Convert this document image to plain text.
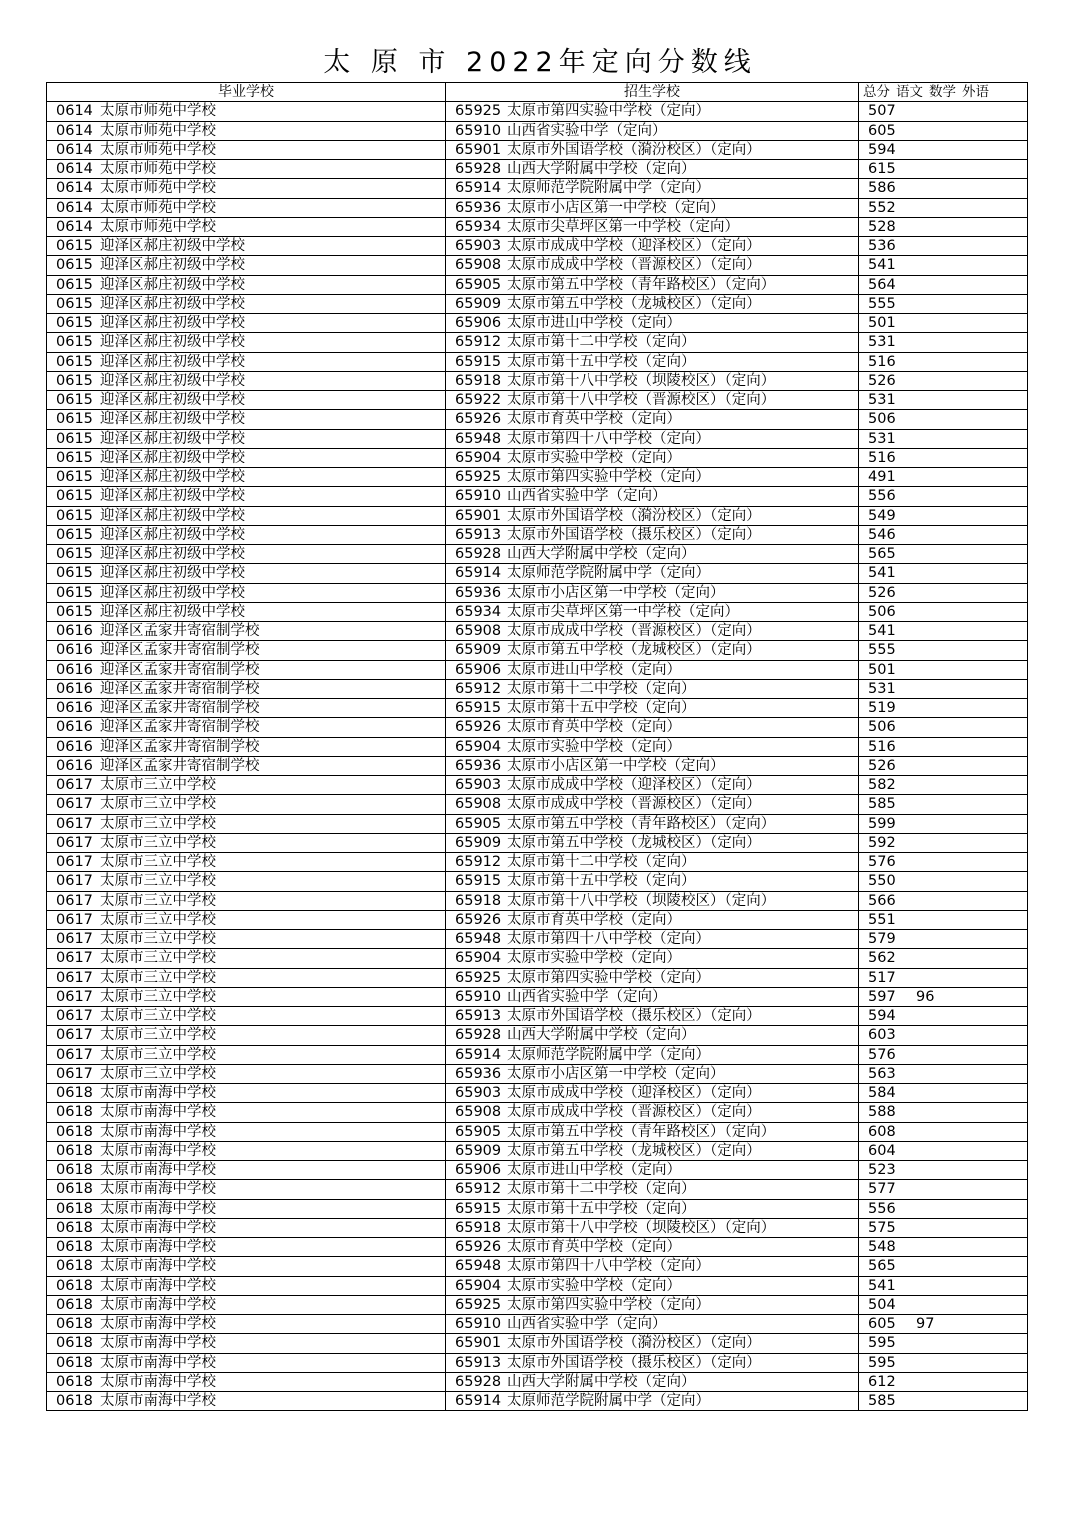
太 原 市 2022年定向分数线
毕业学校	招生学校	总分 语文 数学 外语
0614 太原市师苑中学校	65925 太原市第四实验中学校（定向）	507
0614 太原市师苑中学校	65910 山西省实验中学（定向）	605
0614 太原市师苑中学校	65901 太原市外国语学校（漪汾校区）（定向）	594
0614 太原市师苑中学校	65928 山西大学附属中学校（定向）	615
0614 太原市师苑中学校	65914 太原师范学院附属中学（定向）	586
0614 太原市师苑中学校	65936 太原市小店区第一中学校（定向）	552
0614 太原市师苑中学校	65934 太原市尖草坪区第一中学校（定向）	528
0615 迎泽区郝庄初级中学校	65903 太原市成成中学校（迎泽校区）（定向）	536
0615 迎泽区郝庄初级中学校	65908 太原市成成中学校（晋源校区）（定向）	541
0615 迎泽区郝庄初级中学校	65905 太原市第五中学校（青年路校区）（定向）	564
0615 迎泽区郝庄初级中学校	65909 太原市第五中学校（龙城校区）（定向）	555
0615 迎泽区郝庄初级中学校	65906 太原市进山中学校（定向）	501
0615 迎泽区郝庄初级中学校	65912 太原市第十二中学校（定向）	531
0615 迎泽区郝庄初级中学校	65915 太原市第十五中学校（定向）	516
0615 迎泽区郝庄初级中学校	65918 太原市第十八中学校（坝陵校区）（定向）	526
0615 迎泽区郝庄初级中学校	65922 太原市第十八中学校（晋源校区）（定向）	531
0615 迎泽区郝庄初级中学校	65926 太原市育英中学校（定向）	506
0615 迎泽区郝庄初级中学校	65948 太原市第四十八中学校（定向）	531
0615 迎泽区郝庄初级中学校	65904 太原市实验中学校（定向）	516
0615 迎泽区郝庄初级中学校	65925 太原市第四实验中学校（定向）	491
0615 迎泽区郝庄初级中学校	65910 山西省实验中学（定向）	556
0615 迎泽区郝庄初级中学校	65901 太原市外国语学校（漪汾校区）（定向）	549
0615 迎泽区郝庄初级中学校	65913 太原市外国语学校（摄乐校区）（定向）	546
0615 迎泽区郝庄初级中学校	65928 山西大学附属中学校（定向）	565
0615 迎泽区郝庄初级中学校	65914 太原师范学院附属中学（定向）	541
0615 迎泽区郝庄初级中学校	65936 太原市小店区第一中学校（定向）	526
0615 迎泽区郝庄初级中学校	65934 太原市尖草坪区第一中学校（定向）	506
0616 迎泽区孟家井寄宿制学校	65908 太原市成成中学校（晋源校区）（定向）	541
0616 迎泽区孟家井寄宿制学校	65909 太原市第五中学校（龙城校区）（定向）	555
0616 迎泽区孟家井寄宿制学校	65906 太原市进山中学校（定向）	501
0616 迎泽区孟家井寄宿制学校	65912 太原市第十二中学校（定向）	531
0616 迎泽区孟家井寄宿制学校	65915 太原市第十五中学校（定向）	519
0616 迎泽区孟家井寄宿制学校	65926 太原市育英中学校（定向）	506
0616 迎泽区孟家井寄宿制学校	65904 太原市实验中学校（定向）	516
0616 迎泽区孟家井寄宿制学校	65936 太原市小店区第一中学校（定向）	526
0617 太原市三立中学校	65903 太原市成成中学校（迎泽校区）（定向）	582
0617 太原市三立中学校	65908 太原市成成中学校（晋源校区）（定向）	585
0617 太原市三立中学校	65905 太原市第五中学校（青年路校区）（定向）	599
0617 太原市三立中学校	65909 太原市第五中学校（龙城校区）（定向）	592
0617 太原市三立中学校	65912 太原市第十二中学校（定向）	576
0617 太原市三立中学校	65915 太原市第十五中学校（定向）	550
0617 太原市三立中学校	65918 太原市第十八中学校（坝陵校区）（定向）	566
0617 太原市三立中学校	65926 太原市育英中学校（定向）	551
0617 太原市三立中学校	65948 太原市第四十八中学校（定向）	579
0617 太原市三立中学校	65904 太原市实验中学校（定向）	562
0617 太原市三立中学校	65925 太原市第四实验中学校（定向）	517
0617 太原市三立中学校	65910 山西省实验中学（定向）	597 96
0617 太原市三立中学校	65913 太原市外国语学校（摄乐校区）（定向）	594
0617 太原市三立中学校	65928 山西大学附属中学校（定向）	603
0617 太原市三立中学校	65914 太原师范学院附属中学（定向）	576
0617 太原市三立中学校	65936 太原市小店区第一中学校（定向）	563
0618 太原市南海中学校	65903 太原市成成中学校（迎泽校区）（定向）	584
0618 太原市南海中学校	65908 太原市成成中学校（晋源校区）（定向）	588
0618 太原市南海中学校	65905 太原市第五中学校（青年路校区）（定向）	608
0618 太原市南海中学校	65909 太原市第五中学校（龙城校区）（定向）	604
0618 太原市南海中学校	65906 太原市进山中学校（定向）	523
0618 太原市南海中学校	65912 太原市第十二中学校（定向）	577
0618 太原市南海中学校	65915 太原市第十五中学校（定向）	556
0618 太原市南海中学校	65918 太原市第十八中学校（坝陵校区）（定向）	575
0618 太原市南海中学校	65926 太原市育英中学校（定向）	548
0618 太原市南海中学校	65948 太原市第四十八中学校（定向）	565
0618 太原市南海中学校	65904 太原市实验中学校（定向）	541
0618 太原市南海中学校	65925 太原市第四实验中学校（定向）	504
0618 太原市南海中学校	65910 山西省实验中学（定向）	605 97
0618 太原市南海中学校	65901 太原市外国语学校（漪汾校区）（定向）	595
0618 太原市南海中学校	65913 太原市外国语学校（摄乐校区）（定向）	595
0618 太原市南海中学校	65928 山西大学附属中学校（定向）	612
0618 太原市南海中学校	65914 太原师范学院附属中学（定向）	585
